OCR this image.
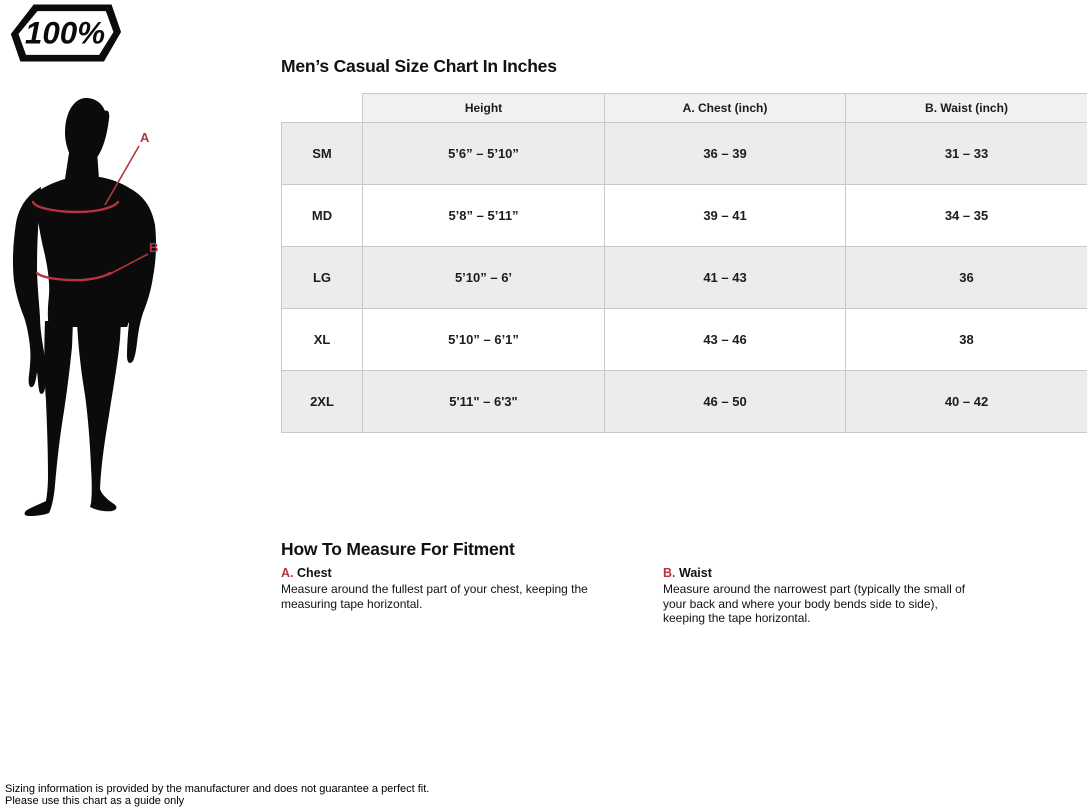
100%
A
B
Men’s Casual Size Chart In Inches
	Height	A. Chest (inch)	B. Waist (inch)
SM	5’6” – 5’10”	36 – 39	31 – 33
MD	5’8” – 5’11”	39 – 41	34 – 35
LG	5’10” – 6’	41 – 43	36
XL	5’10” – 6’1”	43 – 46	38
2XL	5'11" – 6'3"	46 – 50	40 – 42
How To Measure For Fitment
A. Chest
Measure around the fullest part of your chest, keeping the measuring tape horizontal.
B. Waist
Measure around the narrowest part (typically the small of your back and where your body bends side to side), keeping the tape horizontal.
Sizing information is provided by the manufacturer and does not guarantee a perfect fit.
Please use this chart as a guide only
